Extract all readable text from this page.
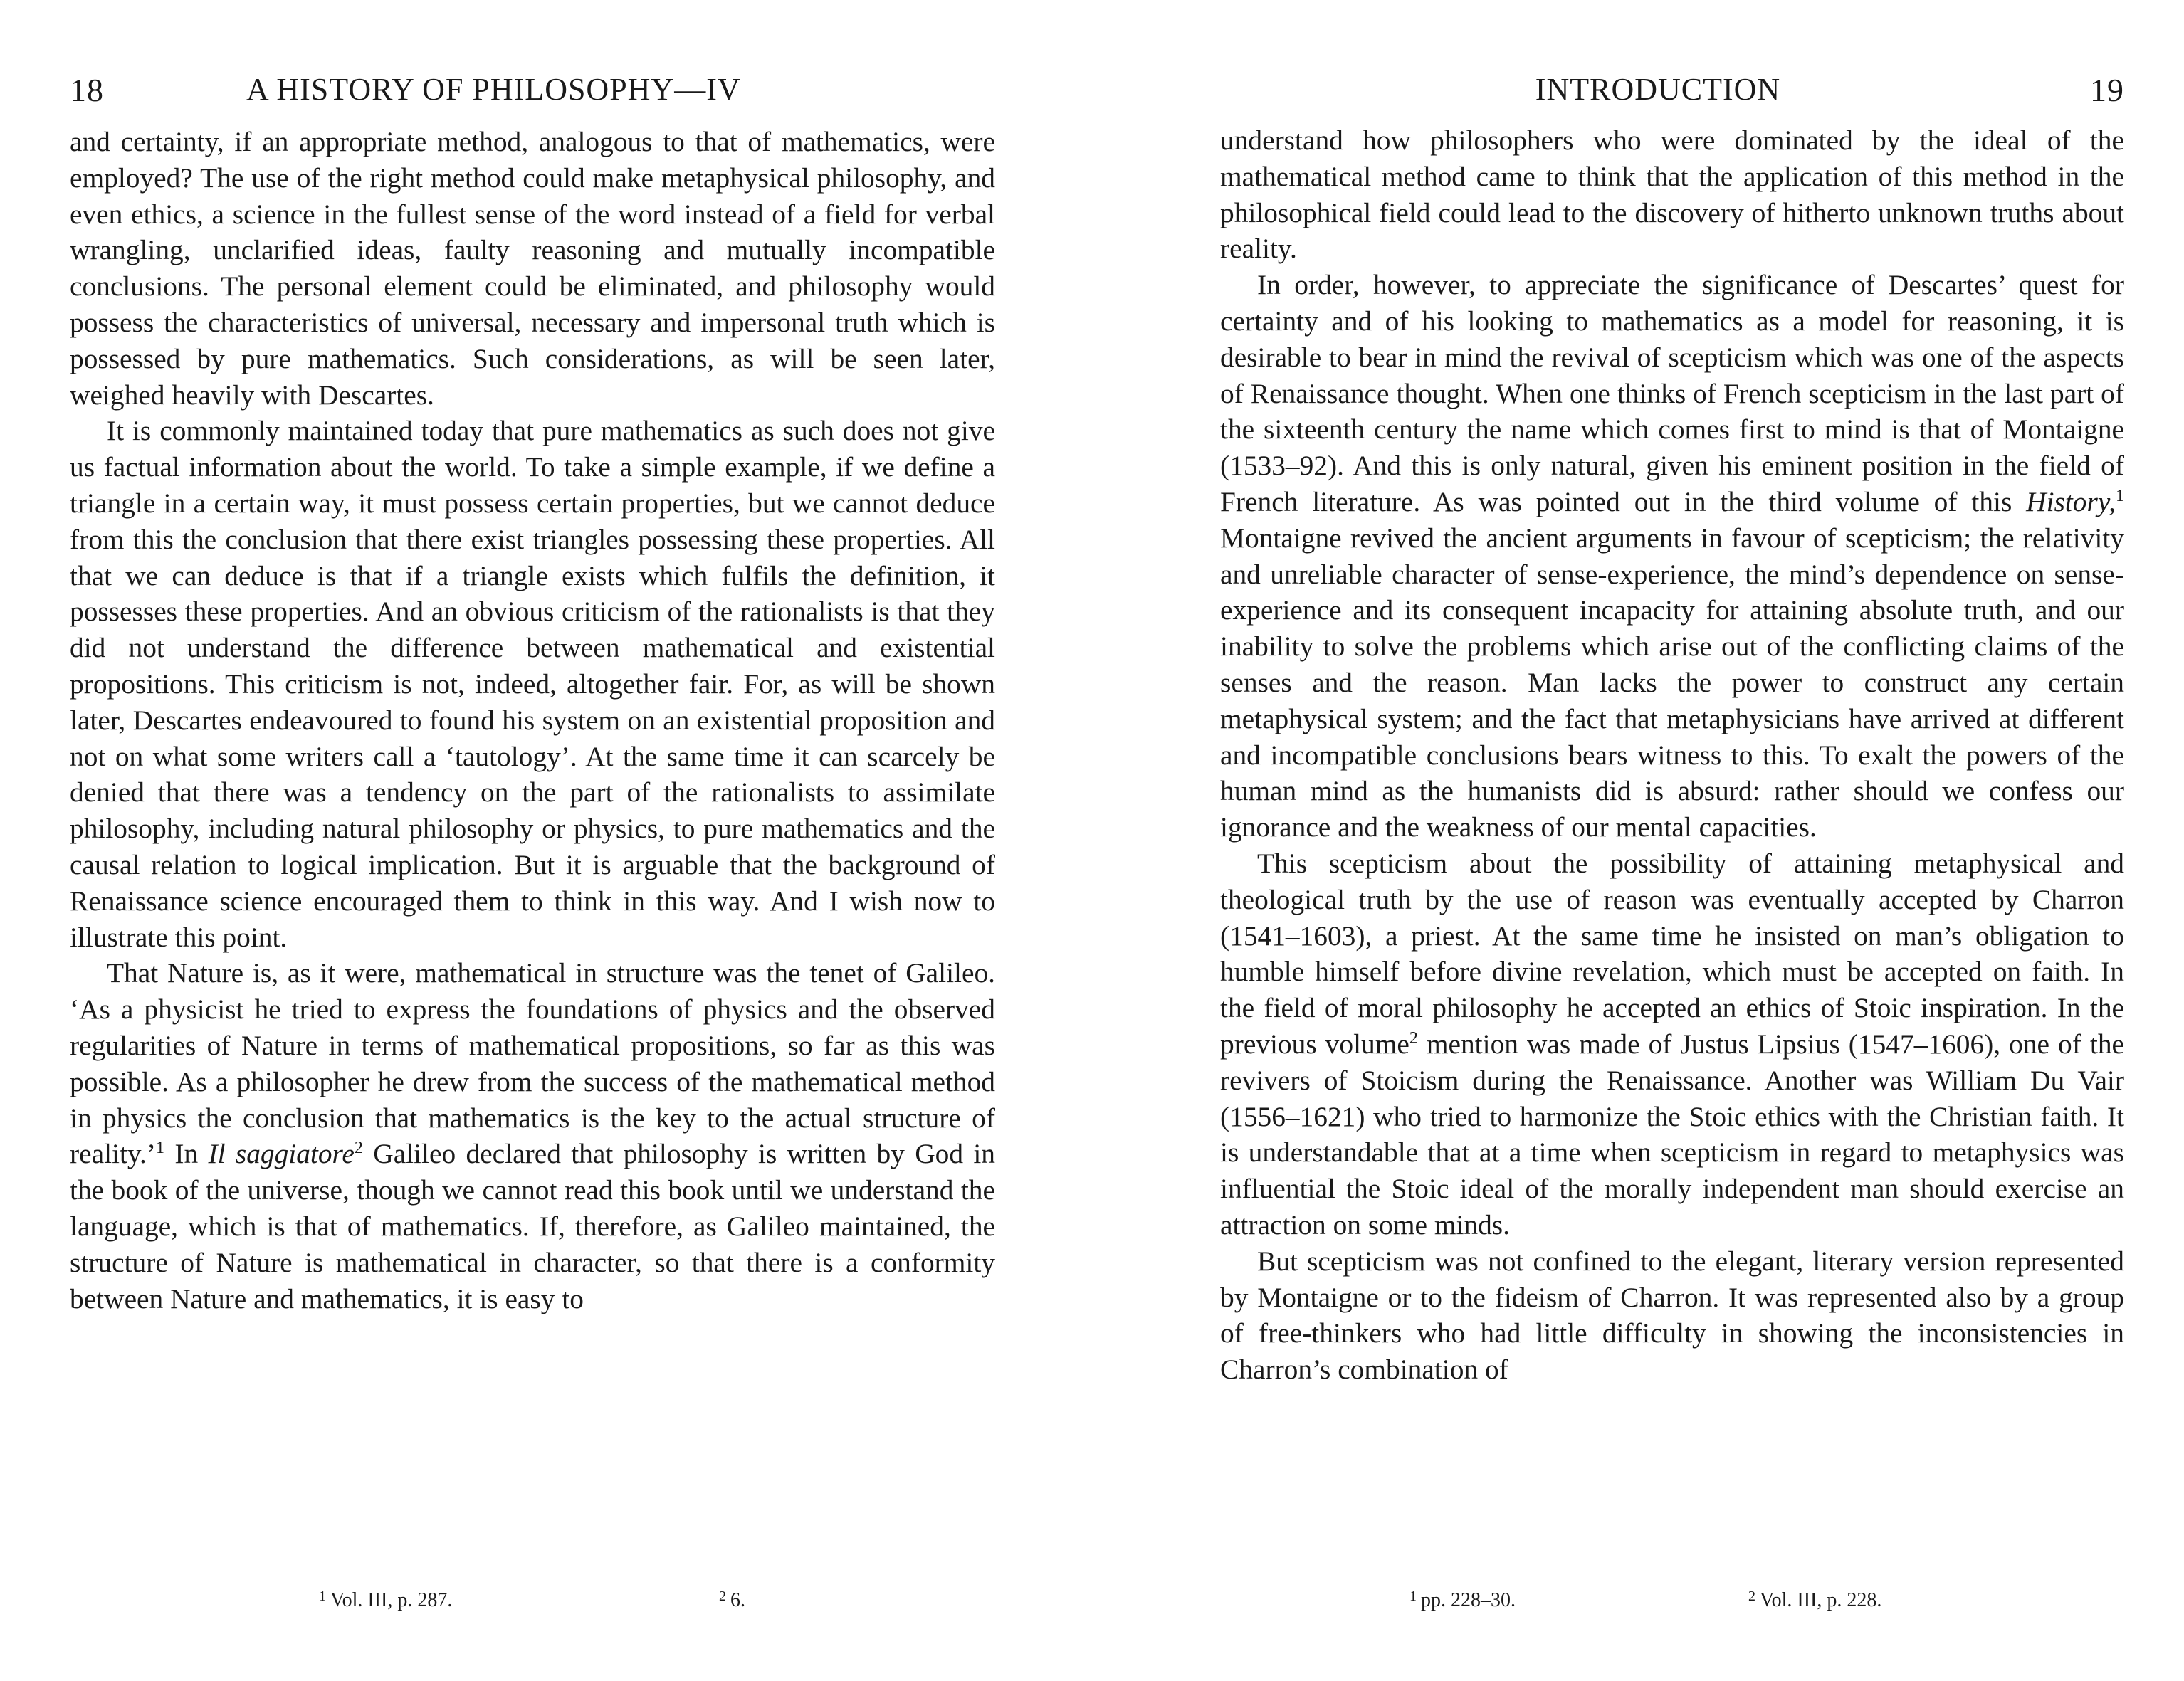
18	A HISTORY OF PHILOSOPHY—IV

and certainty, if an appropriate method, analogous to that of mathematics, were employed? The use of the right method could make metaphysical philosophy, and even ethics, a science in the fullest sense of the word instead of a field for verbal wrangling, unclarified ideas, faulty reasoning and mutually incompatible conclusions. The personal element could be eliminated, and philosophy would possess the characteristics of universal, necessary and impersonal truth which is possessed by pure mathematics. Such considerations, as will be seen later, weighed heavily with Descartes.

It is commonly maintained today that pure mathematics as such does not give us factual information about the world. To take a simple example, if we define a triangle in a certain way, it must possess certain properties, but we cannot deduce from this the conclusion that there exist triangles possessing these properties. All that we can deduce is that if a triangle exists which fulfils the definition, it possesses these properties. And an obvious criticism of the rationalists is that they did not understand the difference between mathematical and existential propositions. This criticism is not, indeed, altogether fair. For, as will be shown later, Descartes endeavoured to found his system on an existential proposition and not on what some writers call a ‘tautology’. At the same time it can scarcely be denied that there was a tendency on the part of the rationalists to assimilate philosophy, including natural philosophy or physics, to pure mathematics and the causal relation to logical implication. But it is arguable that the background of Renaissance science encouraged them to think in this way. And I wish now to illustrate this point.

That Nature is, as it were, mathematical in structure was the tenet of Galileo. ‘As a physicist he tried to express the foundations of physics and the observed regularities of Nature in terms of mathematical propositions, so far as this was possible. As a philosopher he drew from the success of the mathematical method in physics the conclusion that mathematics is the key to the actual structure of reality.’$^1$ In Il saggiatore$^2$ Galileo declared that philosophy is written by God in the book of the universe, though we cannot read this book until we understand the language, which is that of mathematics. If, therefore, as Galileo maintained, the structure of Nature is mathematical in character, so that there is a conformity between Nature and mathematics, it is easy to

$^1$ Vol. III, p. 287.	$^2$ 6.
INTRODUCTION	19

understand how philosophers who were dominated by the ideal of the mathematical method came to think that the application of this method in the philosophical field could lead to the discovery of hitherto unknown truths about reality.

In order, however, to appreciate the significance of Descartes’ quest for certainty and of his looking to mathematics as a model for reasoning, it is desirable to bear in mind the revival of scepticism which was one of the aspects of Renaissance thought. When one thinks of French scepticism in the last part of the sixteenth century the name which comes first to mind is that of Montaigne (1533–92). And this is only natural, given his eminent position in the field of French literature. As was pointed out in the third volume of this History,$^1$ Montaigne revived the ancient arguments in favour of scepticism; the relativity and unreliable character of sense-experience, the mind’s dependence on sense-experience and its consequent incapacity for attaining absolute truth, and our inability to solve the problems which arise out of the conflicting claims of the senses and the reason. Man lacks the power to construct any certain metaphysical system; and the fact that metaphysicians have arrived at different and incompatible conclusions bears witness to this. To exalt the powers of the human mind as the humanists did is absurd: rather should we confess our ignorance and the weakness of our mental capacities.

This scepticism about the possibility of attaining metaphysical and theological truth by the use of reason was eventually accepted by Charron (1541–1603), a priest. At the same time he insisted on man’s obligation to humble himself before divine revelation, which must be accepted on faith. In the field of moral philosophy he accepted an ethics of Stoic inspiration. In the previous volume$^2$ mention was made of Justus Lipsius (1547–1606), one of the revivers of Stoicism during the Renaissance. Another was William Du Vair (1556–1621) who tried to harmonize the Stoic ethics with the Christian faith. It is understandable that at a time when scepticism in regard to metaphysics was influential the Stoic ideal of the morally independent man should exercise an attraction on some minds.

But scepticism was not confined to the elegant, literary version represented by Montaigne or to the fideism of Charron. It was represented also by a group of free-thinkers who had little difficulty in showing the inconsistencies in Charron’s combination of

$^1$ pp. 228–30.	$^2$ Vol. III, p. 228.
